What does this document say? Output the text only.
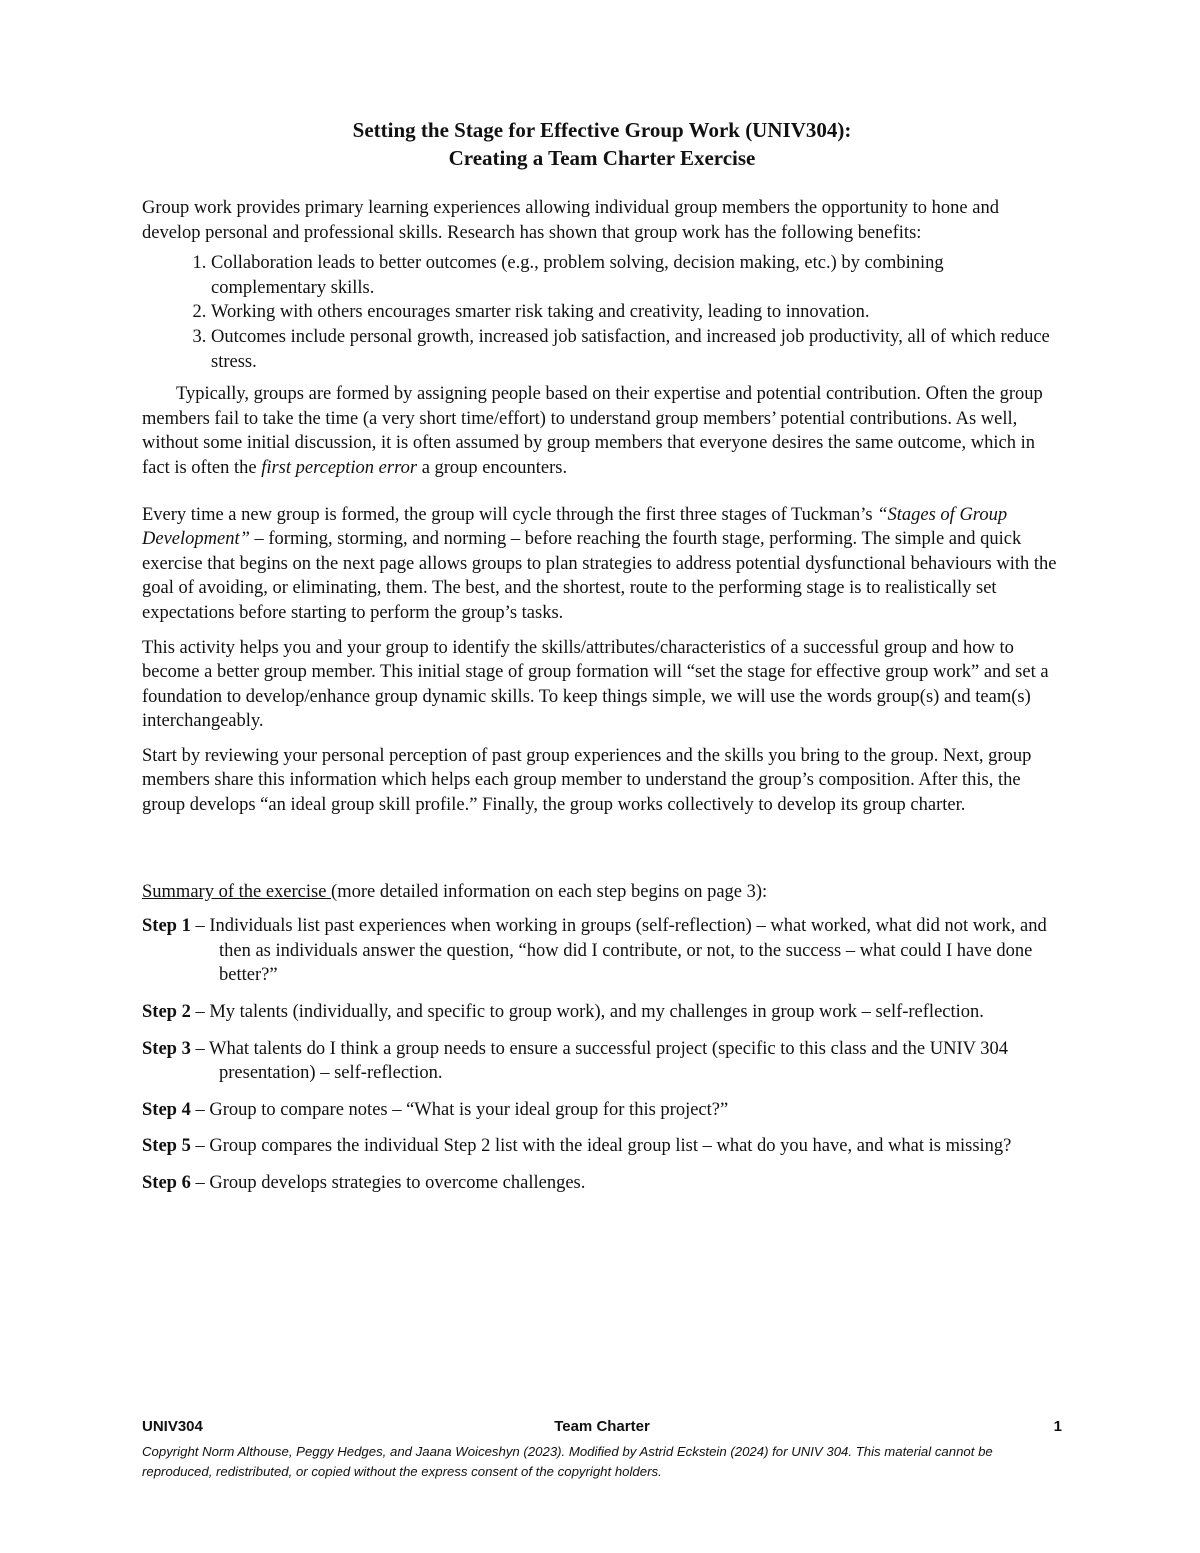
Setting the Stage for Effective Group Work (UNIV304):
Creating a Team Charter Exercise

Group work provides primary learning experiences allowing individual group members the opportunity to hone and develop personal and professional skills. Research has shown that group work has the following benefits:

1. Collaboration leads to better outcomes (e.g., problem solving, decision making, etc.) by combining complementary skills.
2. Working with others encourages smarter risk taking and creativity, leading to innovation.
3. Outcomes include personal growth, increased job satisfaction, and increased job productivity, all of which reduce stress.

Typically, groups are formed by assigning people based on their expertise and potential contribution. Often the group members fail to take the time (a very short time/effort) to understand group members’ potential contributions. As well, without some initial discussion, it is often assumed by group members that everyone desires the same outcome, which in fact is often the first perception error a group encounters.

Every time a new group is formed, the group will cycle through the first three stages of Tuckman’s “Stages of Group Development” – forming, storming, and norming – before reaching the fourth stage, performing. The simple and quick exercise that begins on the next page allows groups to plan strategies to address potential dysfunctional behaviours with the goal of avoiding, or eliminating, them. The best, and the shortest, route to the performing stage is to realistically set expectations before starting to perform the group’s tasks.

This activity helps you and your group to identify the skills/attributes/characteristics of a successful group and how to become a better group member. This initial stage of group formation will “set the stage for effective group work” and set a foundation to develop/enhance group dynamic skills. To keep things simple, we will use the words group(s) and team(s) interchangeably.

Start by reviewing your personal perception of past group experiences and the skills you bring to the group. Next, group members share this information which helps each group member to understand the group’s composition. After this, the group develops “an ideal group skill profile.” Finally, the group works collectively to develop its group charter.

Summary of the exercise (more detailed information on each step begins on page 3):

Step 1 – Individuals list past experiences when working in groups (self-reflection) – what worked, what did not work, and then as individuals answer the question, “how did I contribute, or not, to the success – what could I have done better?”
Step 2 – My talents (individually, and specific to group work), and my challenges in group work – self-reflection.
Step 3 – What talents do I think a group needs to ensure a successful project (specific to this class and the UNIV 304 presentation) – self-reflection.
Step 4 – Group to compare notes – “What is your ideal group for this project?”
Step 5 – Group compares the individual Step 2 list with the ideal group list – what do you have, and what is missing?
Step 6 – Group develops strategies to overcome challenges.
UNIV304	Team Charter	1
Copyright Norm Althouse, Peggy Hedges, and Jaana Woiceshyn (2023). Modified by Astrid Eckstein (2024) for UNIV 304. This material cannot be reproduced, redistributed, or copied without the express consent of the copyright holders.
